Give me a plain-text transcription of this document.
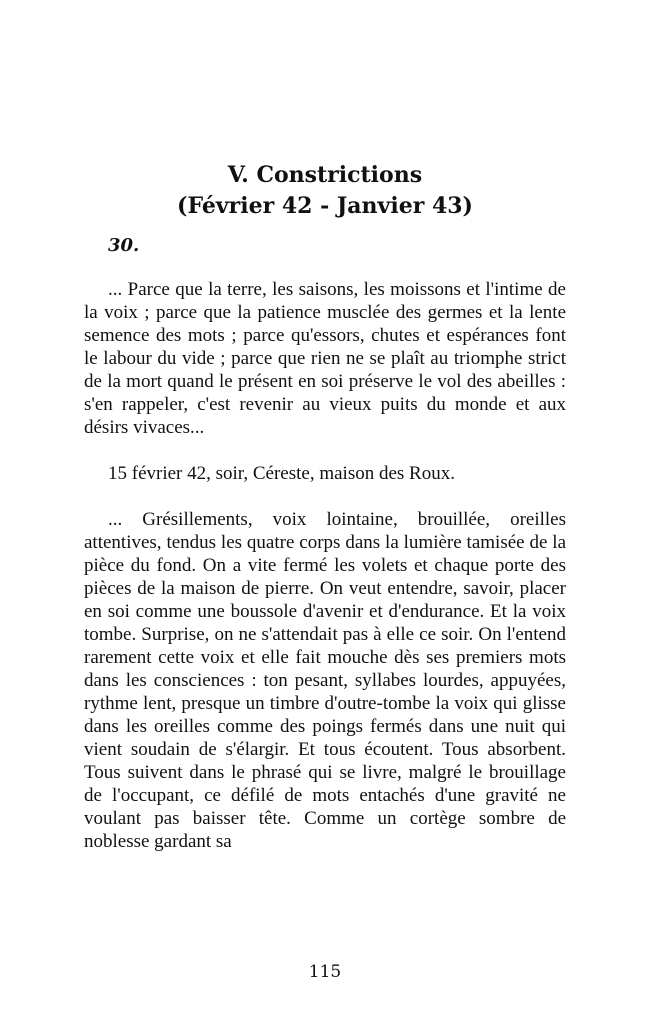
V. Constrictions
(Février 42 - Janvier 43)
30.

... Parce que la terre, les saisons, les moissons et l'intime de la voix ; parce que la patience musclée des germes et la lente semence des mots ; parce qu'essors, chutes et espérances font le labour du vide ; parce que rien ne se plaît au triomphe strict de la mort quand le présent en soi préserve le vol des abeilles : s'en rappeler, c'est revenir au vieux puits du monde et aux désirs vivaces...

15 février 42, soir, Céreste, maison des Roux.

... Grésillements, voix lointaine, brouillée, oreilles attentives, tendus les quatre corps dans la lumière tamisée de la pièce du fond. On a vite fermé les volets et chaque porte des pièces de la maison de pierre. On veut entendre, savoir, placer en soi comme une boussole d'avenir et d'endurance. Et la voix tombe. Surprise, on ne s'attendait pas à elle ce soir. On l'entend rarement cette voix et elle fait mouche dès ses premiers mots dans les consciences : ton pesant, syllabes lourdes, appuyées, rythme lent, presque un timbre d'outre-tombe la voix qui glisse dans les oreilles comme des poings fermés dans une nuit qui vient soudain de s'élargir. Et tous écoutent. Tous absorbent. Tous suivent dans le phrasé qui se livre, malgré le brouillage de l'occupant, ce défilé de mots entachés d'une gravité ne voulant pas baisser tête. Comme un cortège sombre de noblesse gardant sa

115
